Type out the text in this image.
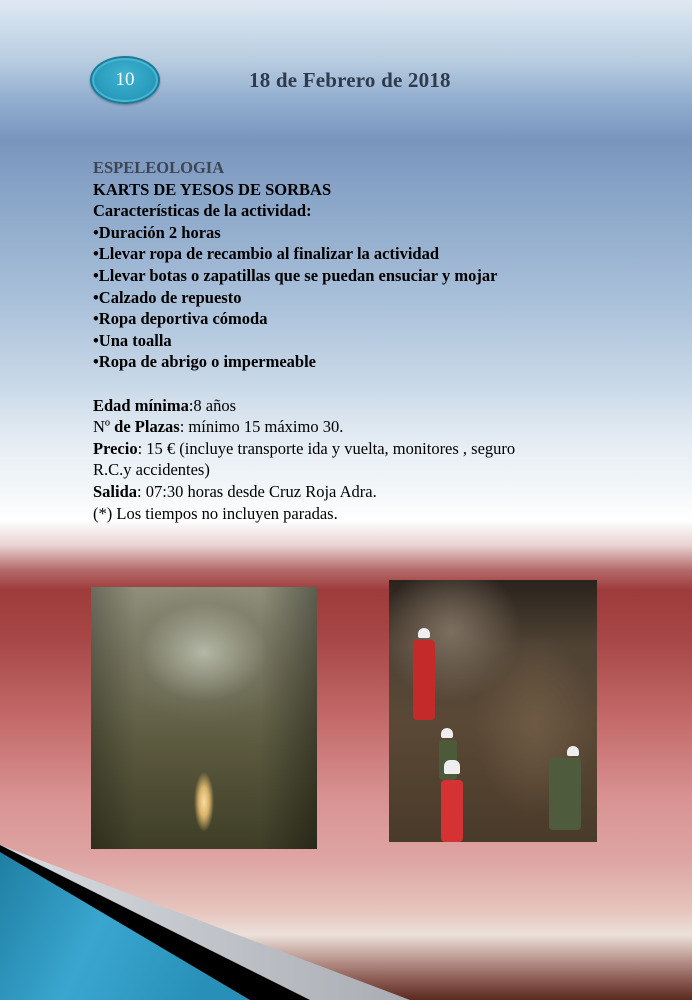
10	18 de Febrero de 2018
ESPELEOLOGIA
KARTS DE YESOS DE SORBAS
Características de la actividad:
•Duración 2 horas
•Llevar ropa de recambio al finalizar la actividad
•Llevar botas o zapatillas que se puedan ensuciar y mojar
•Calzado de repuesto
•Ropa deportiva cómoda
•Una toalla
•Ropa de abrigo o impermeable
Edad mínima:8 años
Nº de Plazas: mínimo 15 máximo 30.
Precio: 15 € (incluye transporte ida y vuelta, monitores , seguro
R.C.y accidentes)
Salida: 07:30 horas desde Cruz Roja Adra.
(*) Los tiempos no incluyen paradas.
